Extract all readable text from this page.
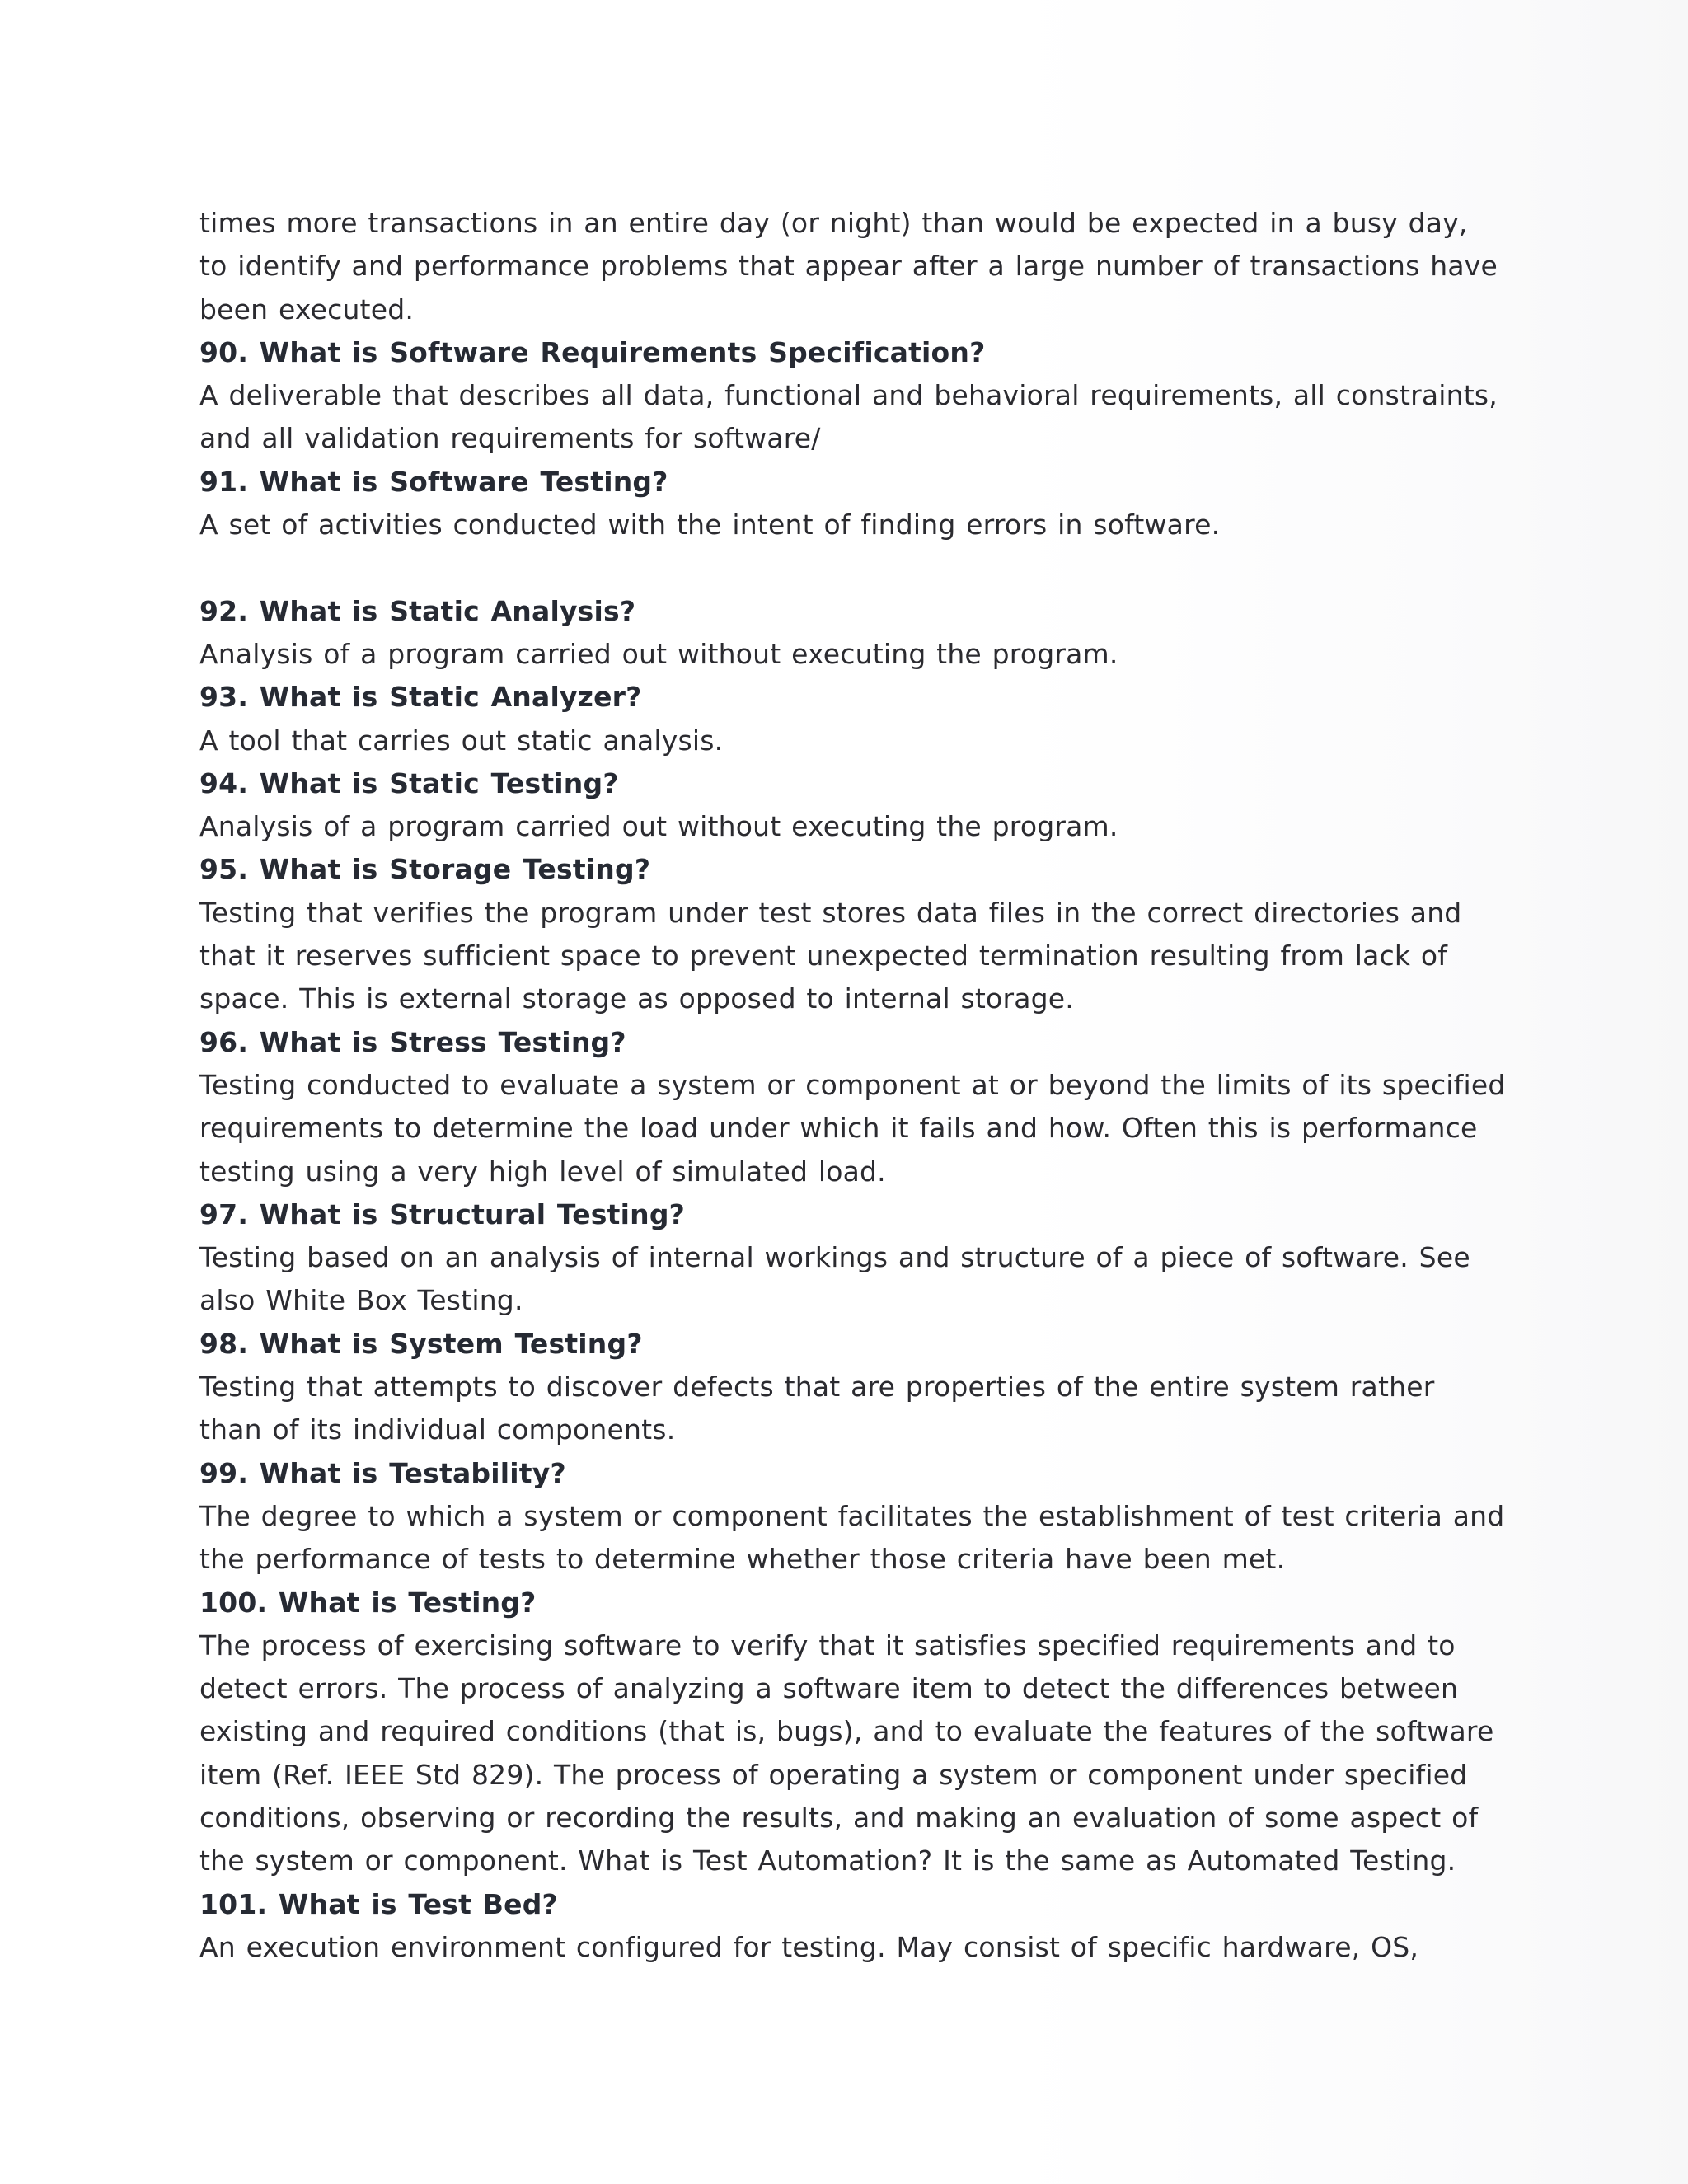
times more transactions in an entire day (or night) than would be expected in a busy day,
to identify and performance problems that appear after a large number of transactions have
been executed.
90. What is Software Requirements Specification?
A deliverable that describes all data, functional and behavioral requirements, all constraints,
and all validation requirements for software/
91. What is Software Testing?
A set of activities conducted with the intent of finding errors in software.
92. What is Static Analysis?
Analysis of a program carried out without executing the program.
93. What is Static Analyzer?
A tool that carries out static analysis.
94. What is Static Testing?
Analysis of a program carried out without executing the program.
95. What is Storage Testing?
Testing that verifies the program under test stores data files in the correct directories and
that it reserves sufficient space to prevent unexpected termination resulting from lack of
space. This is external storage as opposed to internal storage.
96. What is Stress Testing?
Testing conducted to evaluate a system or component at or beyond the limits of its specified
requirements to determine the load under which it fails and how. Often this is performance
testing using a very high level of simulated load.
97. What is Structural Testing?
Testing based on an analysis of internal workings and structure of a piece of software. See
also White Box Testing.
98. What is System Testing?
Testing that attempts to discover defects that are properties of the entire system rather
than of its individual components.
99. What is Testability?
The degree to which a system or component facilitates the establishment of test criteria and
the performance of tests to determine whether those criteria have been met.
100. What is Testing?
The process of exercising software to verify that it satisfies specified requirements and to
detect errors. The process of analyzing a software item to detect the differences between
existing and required conditions (that is, bugs), and to evaluate the features of the software
item (Ref. IEEE Std 829). The process of operating a system or component under specified
conditions, observing or recording the results, and making an evaluation of some aspect of
the system or component. What is Test Automation? It is the same as Automated Testing.
101. What is Test Bed?
An execution environment configured for testing. May consist of specific hardware, OS,
